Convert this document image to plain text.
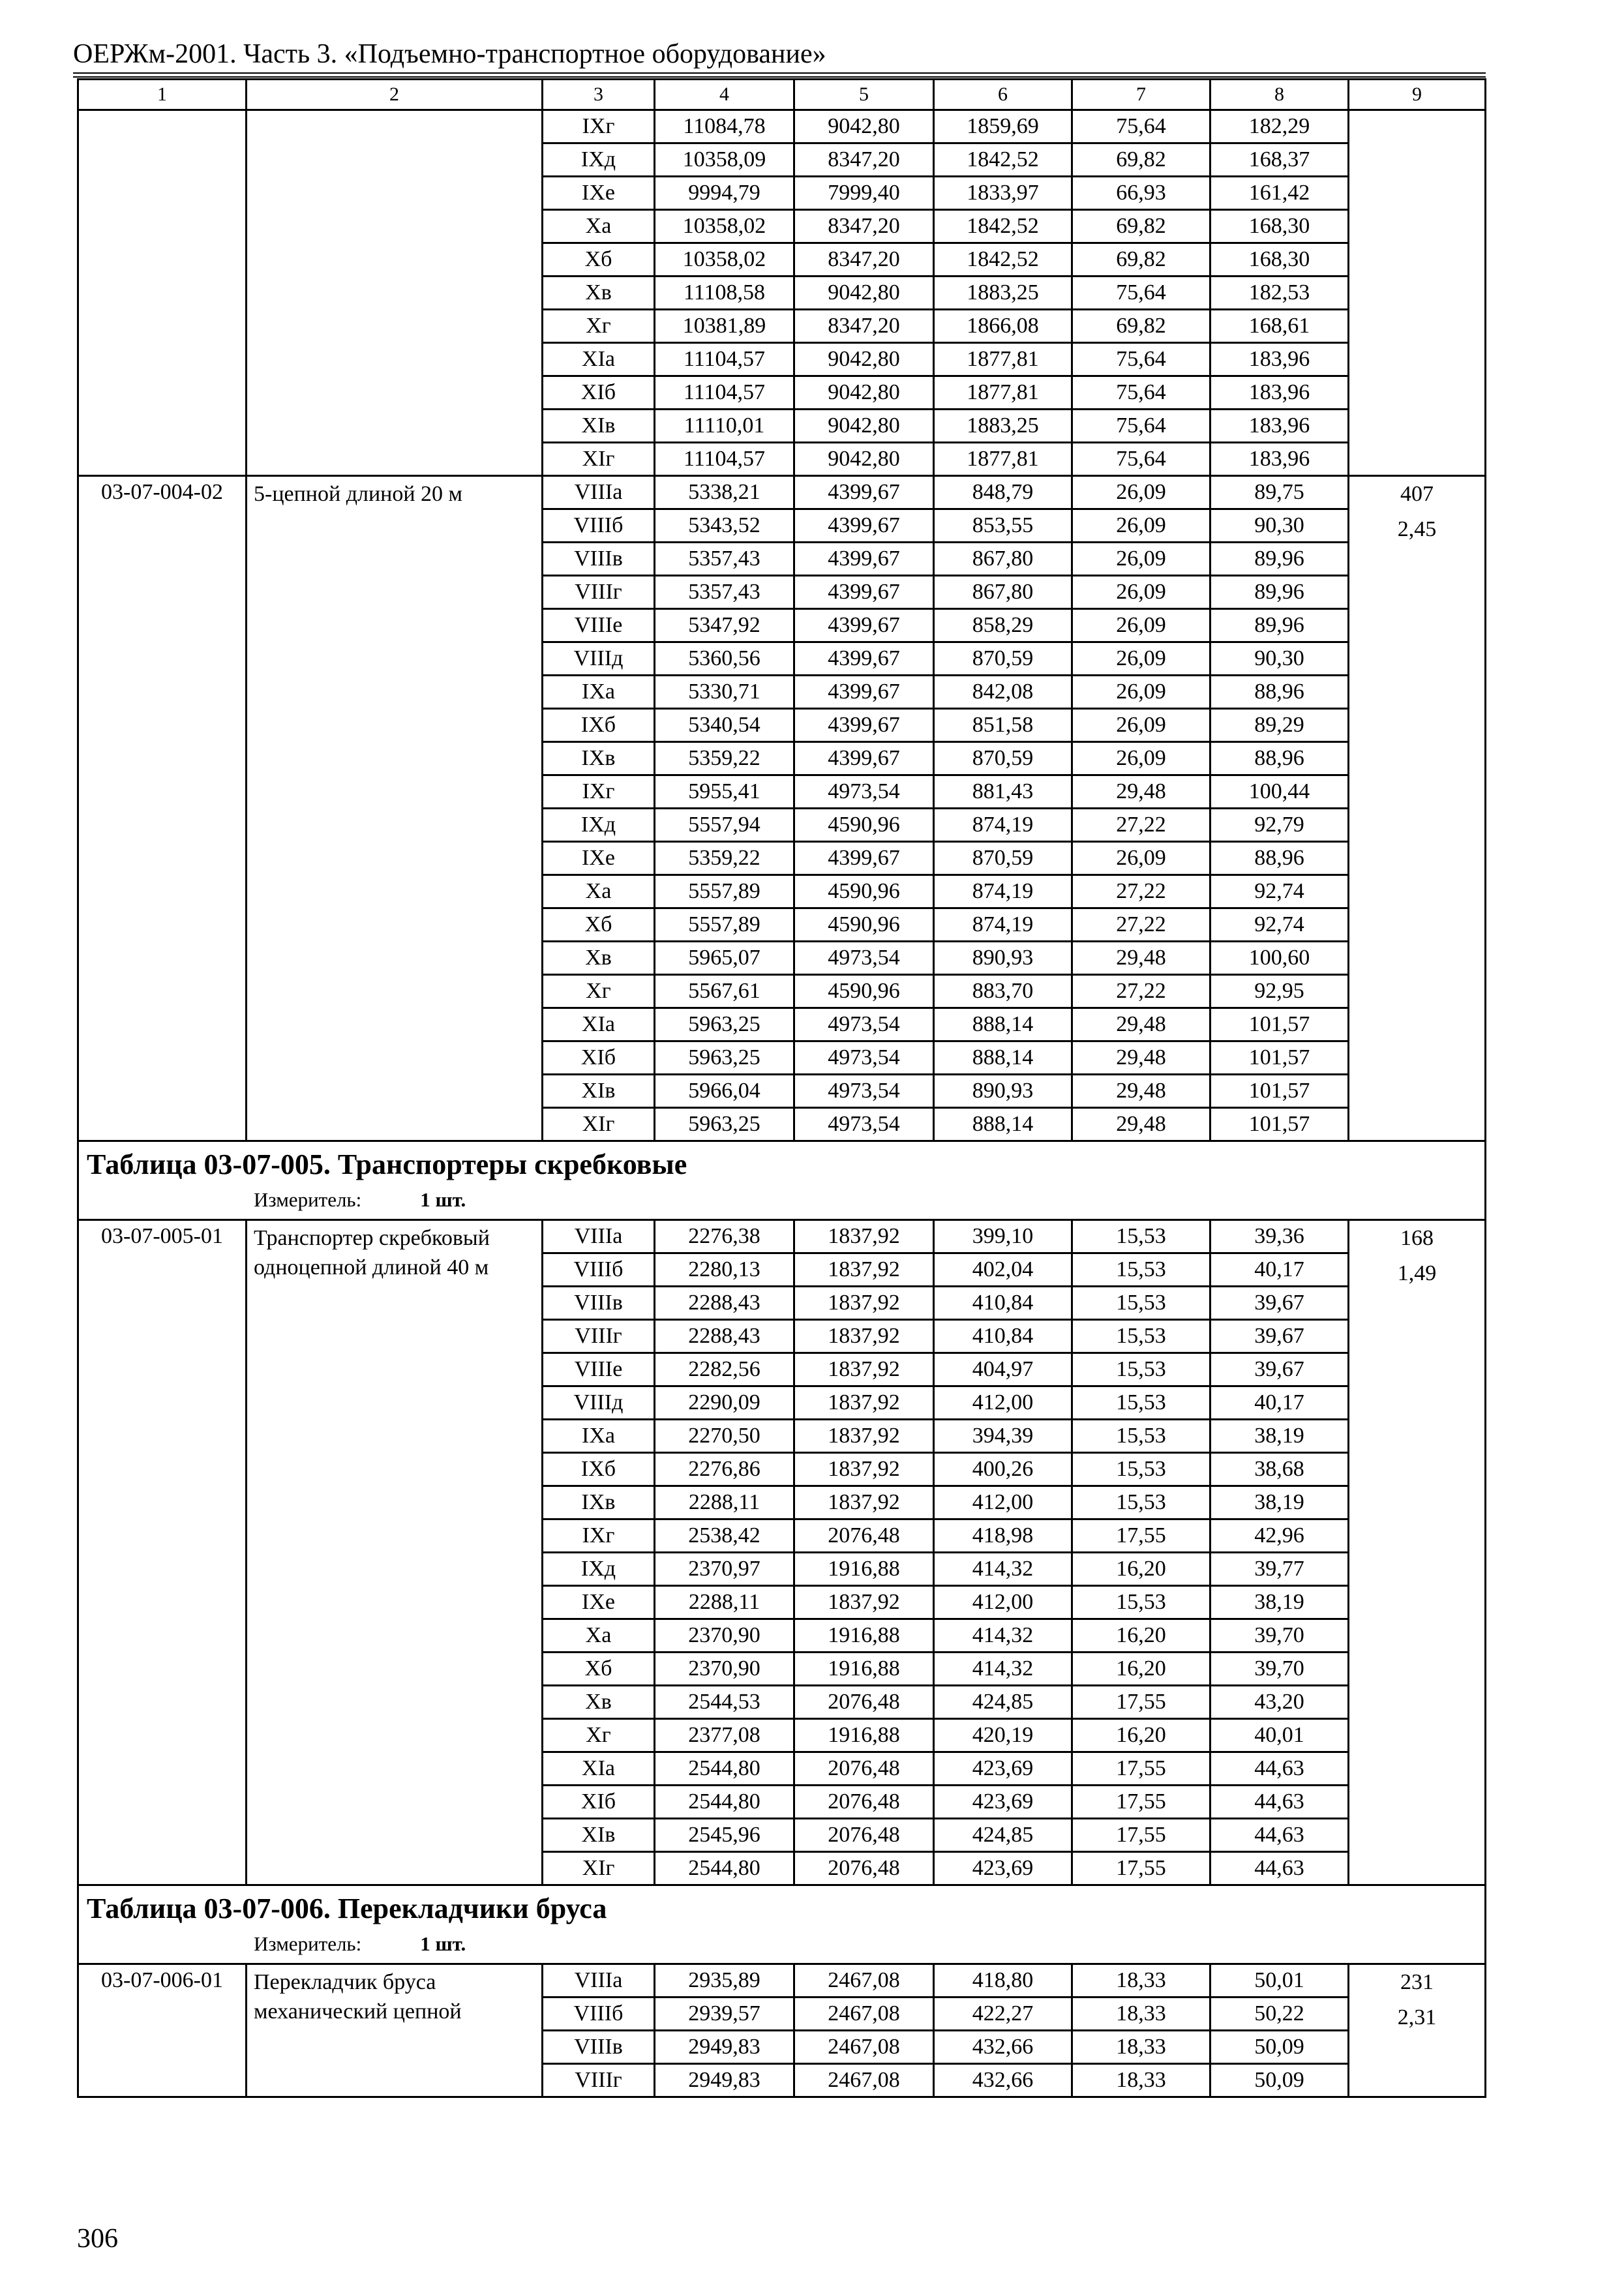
ОЕРЖм-2001. Часть 3. «Подъемно-транспортное оборудование»
1	2	3	4	5	6	7	8	9
		IXг	11084,78	9042,80	1859,69	75,64	182,29	
		IXд	10358,09	8347,20	1842,52	69,82	168,37	
		IXe	9994,79	7999,40	1833,97	66,93	161,42	
		Xa	10358,02	8347,20	1842,52	69,82	168,30	
		Xб	10358,02	8347,20	1842,52	69,82	168,30	
		Xв	11108,58	9042,80	1883,25	75,64	182,53	
		Xг	10381,89	8347,20	1866,08	69,82	168,61	
		XIa	11104,57	9042,80	1877,81	75,64	183,96	
		XIб	11104,57	9042,80	1877,81	75,64	183,96	
		XIв	11110,01	9042,80	1883,25	75,64	183,96	
		XIг	11104,57	9042,80	1877,81	75,64	183,96	
03-07-004-02	5-цепной длиной 20 м	VIIIa	5338,21	4399,67	848,79	26,09	89,75	407
2,45

		VIIIб	5343,52	4399,67	853,55	26,09	90,30	
		VIIIв	5357,43	4399,67	867,80	26,09	89,96	
		VIIIг	5357,43	4399,67	867,80	26,09	89,96	
		VIIIe	5347,92	4399,67	858,29	26,09	89,96	
		VIIIд	5360,56	4399,67	870,59	26,09	90,30	
		IXa	5330,71	4399,67	842,08	26,09	88,96	
		IXб	5340,54	4399,67	851,58	26,09	89,29	
		IXв	5359,22	4399,67	870,59	26,09	88,96	
		IXг	5955,41	4973,54	881,43	29,48	100,44	
		IXд	5557,94	4590,96	874,19	27,22	92,79	
		IXe	5359,22	4399,67	870,59	26,09	88,96	
		Xa	5557,89	4590,96	874,19	27,22	92,74	
		Xб	5557,89	4590,96	874,19	27,22	92,74	
		Xв	5965,07	4973,54	890,93	29,48	100,60	
		Xг	5567,61	4590,96	883,70	27,22	92,95	
		XIa	5963,25	4973,54	888,14	29,48	101,57	
		XIб	5963,25	4973,54	888,14	29,48	101,57	
		XIв	5966,04	4973,54	890,93	29,48	101,57	
		XIг	5963,25	4973,54	888,14	29,48	101,57	

Таблица 03-07-005. Транспортеры скребковые
Измеритель: 1 шт.								

03-07-005-01	Транспортер скребковый одноцепной длиной 40 м	VIIIa	2276,38	1837,92	399,10	15,53	39,36	168
1,49

		VIIIб	2280,13	1837,92	402,04	15,53	40,17	
		VIIIв	2288,43	1837,92	410,84	15,53	39,67	
		VIIIг	2288,43	1837,92	410,84	15,53	39,67	
		VIIIe	2282,56	1837,92	404,97	15,53	39,67	
		VIIIд	2290,09	1837,92	412,00	15,53	40,17	
		IXa	2270,50	1837,92	394,39	15,53	38,19	
		IXб	2276,86	1837,92	400,26	15,53	38,68	
		IXв	2288,11	1837,92	412,00	15,53	38,19	
		IXг	2538,42	2076,48	418,98	17,55	42,96	
		IXд	2370,97	1916,88	414,32	16,20	39,77	
		IXe	2288,11	1837,92	412,00	15,53	38,19	
		Xa	2370,90	1916,88	414,32	16,20	39,70	
		Xб	2370,90	1916,88	414,32	16,20	39,70	
		Xв	2544,53	2076,48	424,85	17,55	43,20	
		Xг	2377,08	1916,88	420,19	16,20	40,01	
		XIa	2544,80	2076,48	423,69	17,55	44,63	
		XIб	2544,80	2076,48	423,69	17,55	44,63	
		XIв	2545,96	2076,48	424,85	17,55	44,63	
		XIг	2544,80	2076,48	423,69	17,55	44,63	

Таблица 03-07-006. Перекладчики бруса
Измеритель: 1 шт.								

03-07-006-01	Перекладчик бруса механический цепной	VIIIa	2935,89	2467,08	418,80	18,33	50,01	231
2,31

		VIIIб	2939,57	2467,08	422,27	18,33	50,22	
		VIIIв	2949,83	2467,08	432,66	18,33	50,09	
		VIIIг	2949,83	2467,08	432,66	18,33	50,09	
306
